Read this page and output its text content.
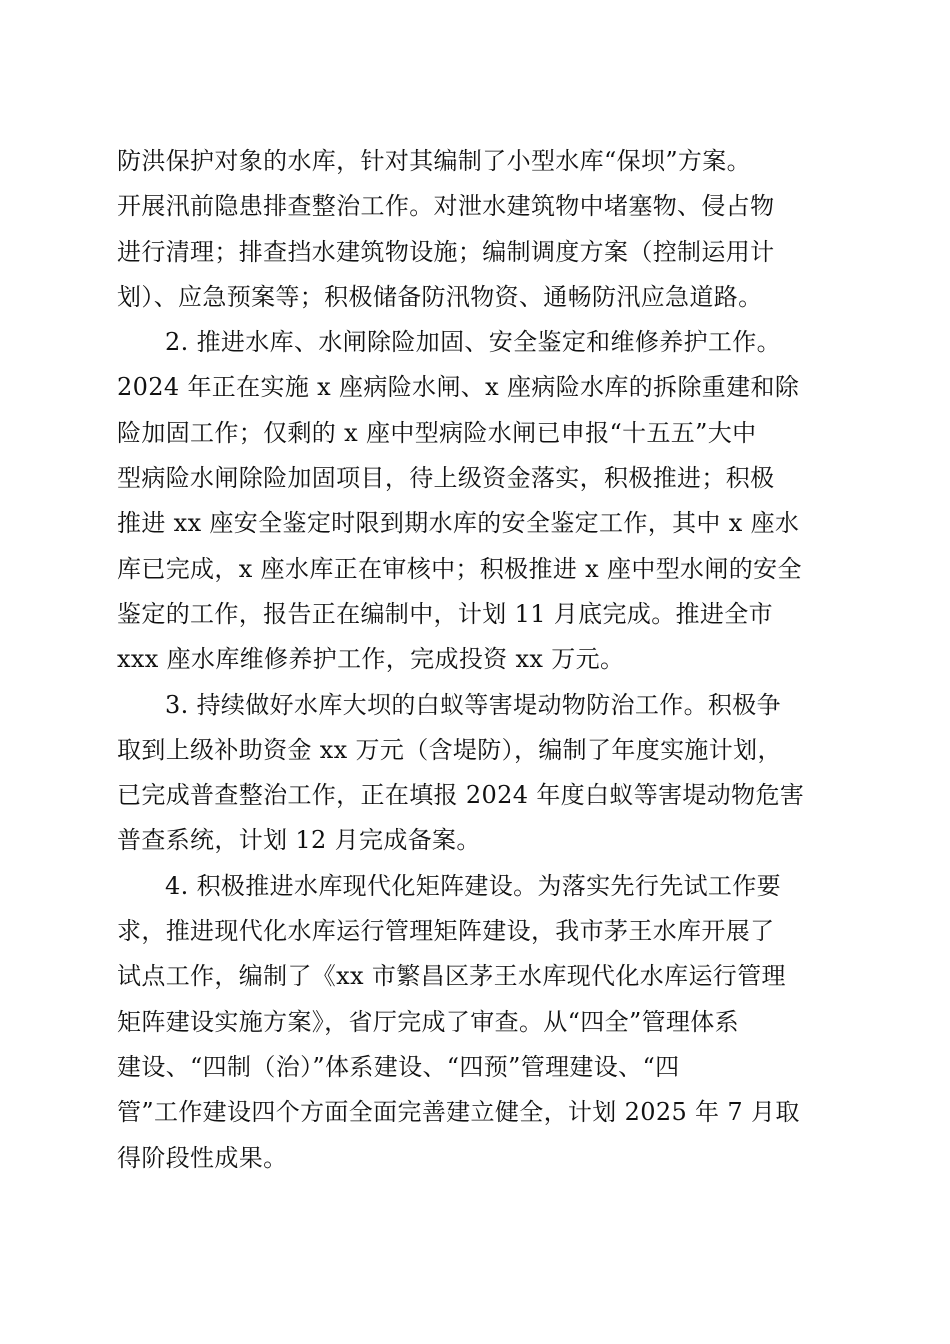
防洪保护对象的水库，针对其编制了小型水库“保坝”方案。
开展汛前隐患排查整治工作。对泄水建筑物中堵塞物、侵占物
进行清理；排查挡水建筑物设施；编制调度方案（控制运用计
划）、应急预案等；积极储备防汛物资、通畅防汛应急道路。
2. 推进水库、水闸除险加固、安全鉴定和维修养护工作。
2024 年正在实施 x 座病险水闸、x 座病险水库的拆除重建和除
险加固工作；仅剩的 x 座中型病险水闸已申报“十五五”大中
型病险水闸除险加固项目，待上级资金落实，积极推进；积极
推进 xx 座安全鉴定时限到期水库的安全鉴定工作，其中 x 座水
库已完成，x 座水库正在审核中；积极推进 x 座中型水闸的安全
鉴定的工作，报告正在编制中，计划 11 月底完成。推进全市
xxx 座水库维修养护工作，完成投资 xx 万元。
3. 持续做好水库大坝的白蚁等害堤动物防治工作。积极争
取到上级补助资金 xx 万元（含堤防），编制了年度实施计划，
已完成普查整治工作，正在填报 2024 年度白蚁等害堤动物危害
普查系统，计划 12 月完成备案。
4. 积极推进水库现代化矩阵建设。为落实先行先试工作要
求，推进现代化水库运行管理矩阵建设，我市茅王水库开展了
试点工作，编制了《xx 市繁昌区茅王水库现代化水库运行管理
矩阵建设实施方案》，省厅完成了审查。从“四全”管理体系
建设、“四制（治）”体系建设、“四预”管理建设、“四
管”工作建设四个方面全面完善建立健全，计划 2025 年 7 月取
得阶段性成果。
